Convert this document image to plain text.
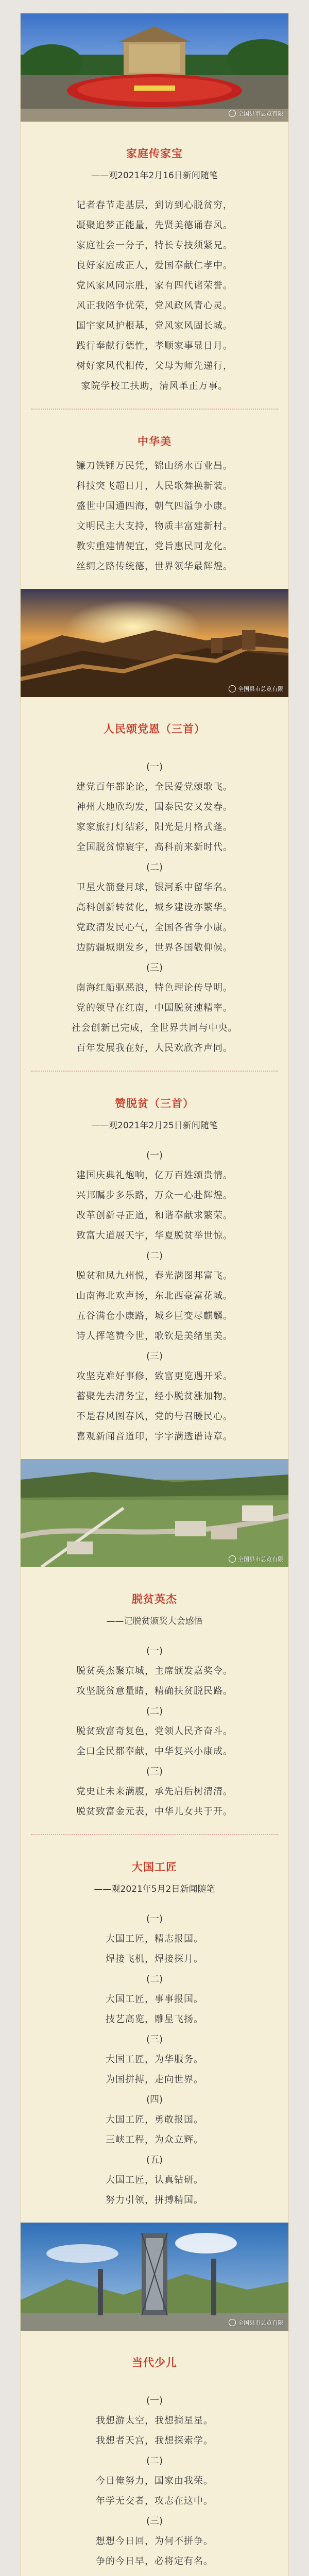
全国县市总览有限

家庭传家宝

——观2021年2月16日新闻随笔

记者春节走基层，到访到心脱贫穷，

凝聚追梦正能量，先贤美德诵春风。

家庭社会一分子，特长专技须紧兄。

良好家庭成正人，爱国奉献仁孝中。

党风家风同宗胜，家有四代诸荣誉。

风正我陪争优荣，党风政风青心灵。

国宇家风护根基，党风家风固长城。

践行奉献行德性，孝顺家事显日月。

树好家风代相传，父母为师先递行，

家院学校工扶助，清风革正万事。

中华美

镰刀铁锤万民凭，锦山绣水百业昌。

科技突飞超日月，人民歌舞换新装。

盛世中国通四海，朝气四溢争小康。

文明民主大支持，物质丰富建新村。

教实重建情便宜，党旨惠民同龙化。

丝绸之路传统德，世界领华最辉煌。

全国县市总览有限

人民颂党恩（三首）

(一)

建党百年都论论，全民爱党颂歌飞。

神州大地欣均发，国泰民安又发春。

家家旅打灯结彩，阳光是月格式蓬。

全国脱贫惊寰宇，高科前来新时代。

(二)

卫星火箭登月球，银河系中留华名。

高科创新转贫化，城乡建设亦繁华。

党政清发民心气，全国各省争小康。

边防疆城期发乡，世界各国敬仰候。

(三)

南海红船驱恶浪，特色理论传导明。

党的领导在红南，中国脱贫速精率。

社会创新已完成，全世界共同与中央。

百年发展我在好，人民欢欣齐声同。

赞脱贫（三首）

——观2021年2月25日新闻随笔

(一)

建国庆典礼炮响，亿万百姓颂贵情。

兴邦瞩步多乐路，万众一心赴辉煌。

改革创新寻正道，和谐奉献求繁荣。

致富大道展天宇，华夏脱贫举世惊。

(二)

脱贫和凤九州悦，春光满图邦富飞。

山南海北欢声扬，东北西豪富花城。

五谷满仓小康路，城乡巨变尽麒麟。

诗人挥笔赞今世，歌钦是美绪里美。

(三)

攻坚克难好事修，致富更览遇开采。

蓄聚先去清务宝，经小脱贫涨加物。

不是春风图春风，党的号召暖民心。

喜观新闻音道印，字字满透谱诗章。

全国县市总览有限

脱贫英杰

——记脱贫颁奖大会感悟

(一)

脱贫英杰聚京城，主席颁发嘉奖令。

攻坚脱贫意量睹，精确扶贫脱民路。

(二)

脱贫致富奇复色，党领人民齐奋斗。

全口全民都奉献，中华复兴小康成。

(三)

党史让未来满腹，承先启后树清清。

脱贫致富金元表，中华儿女共于开。

大国工匠

——观2021年5月2日新闻随笔

(一)

大国工匠，精志报国。

焊接飞机，焊接探月。

(二)

大国工匠，事事报国。

技艺高览，雕星飞扬。

(三)

大国工匠，为华服务。

为国拼搏，走向世界。

(四)

大国工匠，勇敢报国。

三峡工程，为众立辉。

(五)

大国工匠，认真钻研。

努力引领，拼搏精国。

全国县市总览有限

当代少儿

(一)

我想游太空，我想摘星星。

我想者天宫，我想探索学。

(二)

今日俺努力，国家由我荣。

年学无交者，攻志在这中。

(三)

想想今日回，为何不拼争。

争的今日早，必将定有名。
